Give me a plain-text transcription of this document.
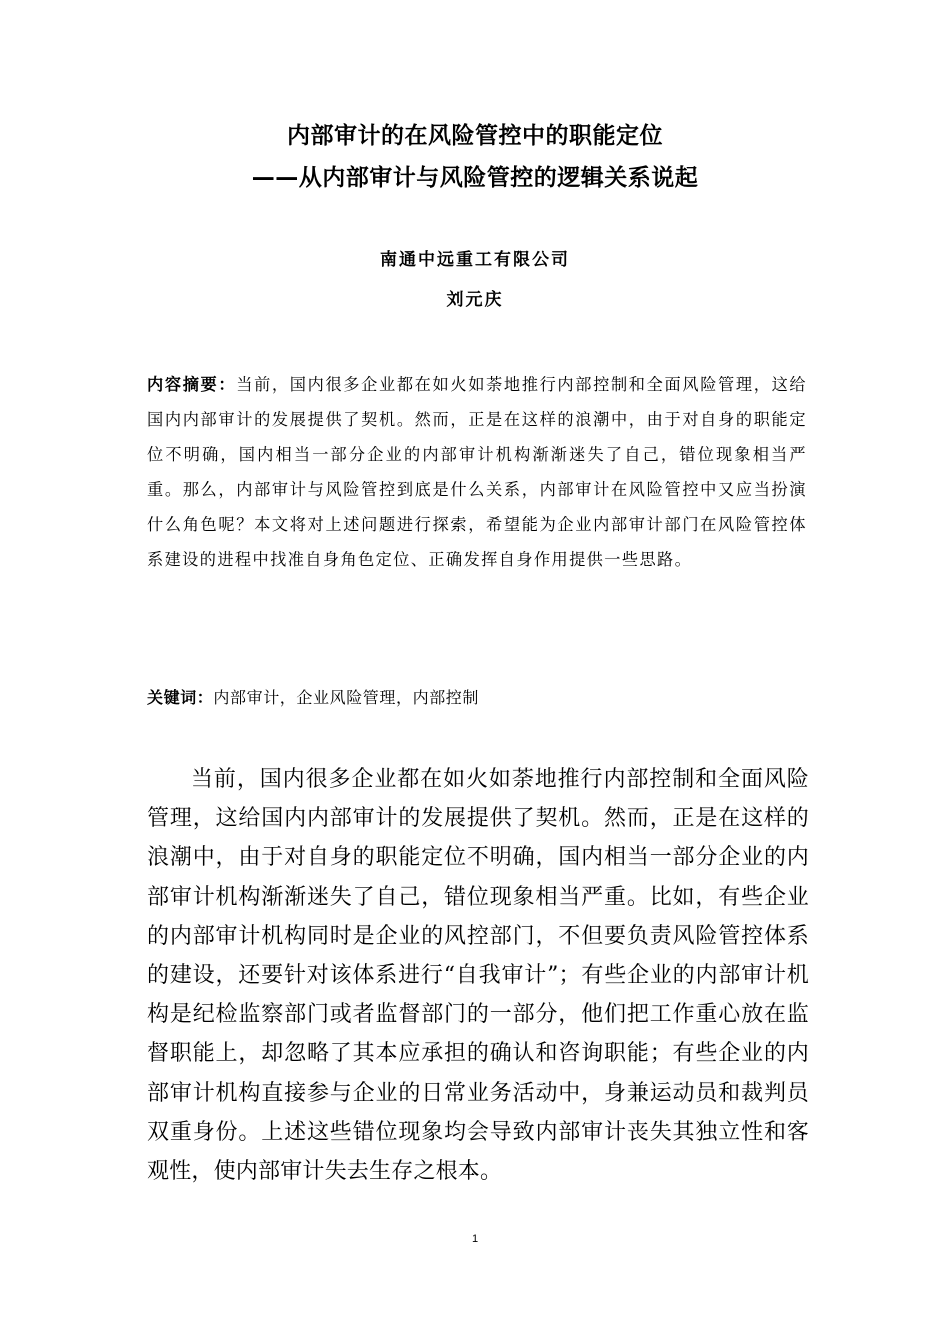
内部审计的在风险管控中的职能定位
——从内部审计与风险管控的逻辑关系说起
南通中远重工有限公司
刘元庆
内容摘要：当前，国内很多企业都在如火如荼地推行内部控制和全面风险管理，这给国内内部审计的发展提供了契机。然而，正是在这样的浪潮中，由于对自身的职能定位不明确，国内相当一部分企业的内部审计机构渐渐迷失了自己，错位现象相当严重。那么，内部审计与风险管控到底是什么关系，内部审计在风险管控中又应当扮演什么角色呢？本文将对上述问题进行探索，希望能为企业内部审计部门在风险管控体系建设的进程中找准自身角色定位、正确发挥自身作用提供一些思路。
关键词：内部审计，企业风险管理，内部控制

当前，国内很多企业都在如火如荼地推行内部控制和全面风险管理，这给国内内部审计的发展提供了契机。然而，正是在这样的浪潮中，由于对自身的职能定位不明确，国内相当一部分企业的内部审计机构渐渐迷失了自己，错位现象相当严重。比如，有些企业的内部审计机构同时是企业的风控部门，不但要负责风险管控体系的建设，还要针对该体系进行“自我审计”；有些企业的内部审计机构是纪检监察部门或者监督部门的一部分，他们把工作重心放在监督职能上，却忽略了其本应承担的确认和咨询职能；有些企业的内部审计机构直接参与企业的日常业务活动中，身兼运动员和裁判员双重身份。上述这些错位现象均会导致内部审计丧失其独立性和客观性，使内部审计失去生存之根本。

1
